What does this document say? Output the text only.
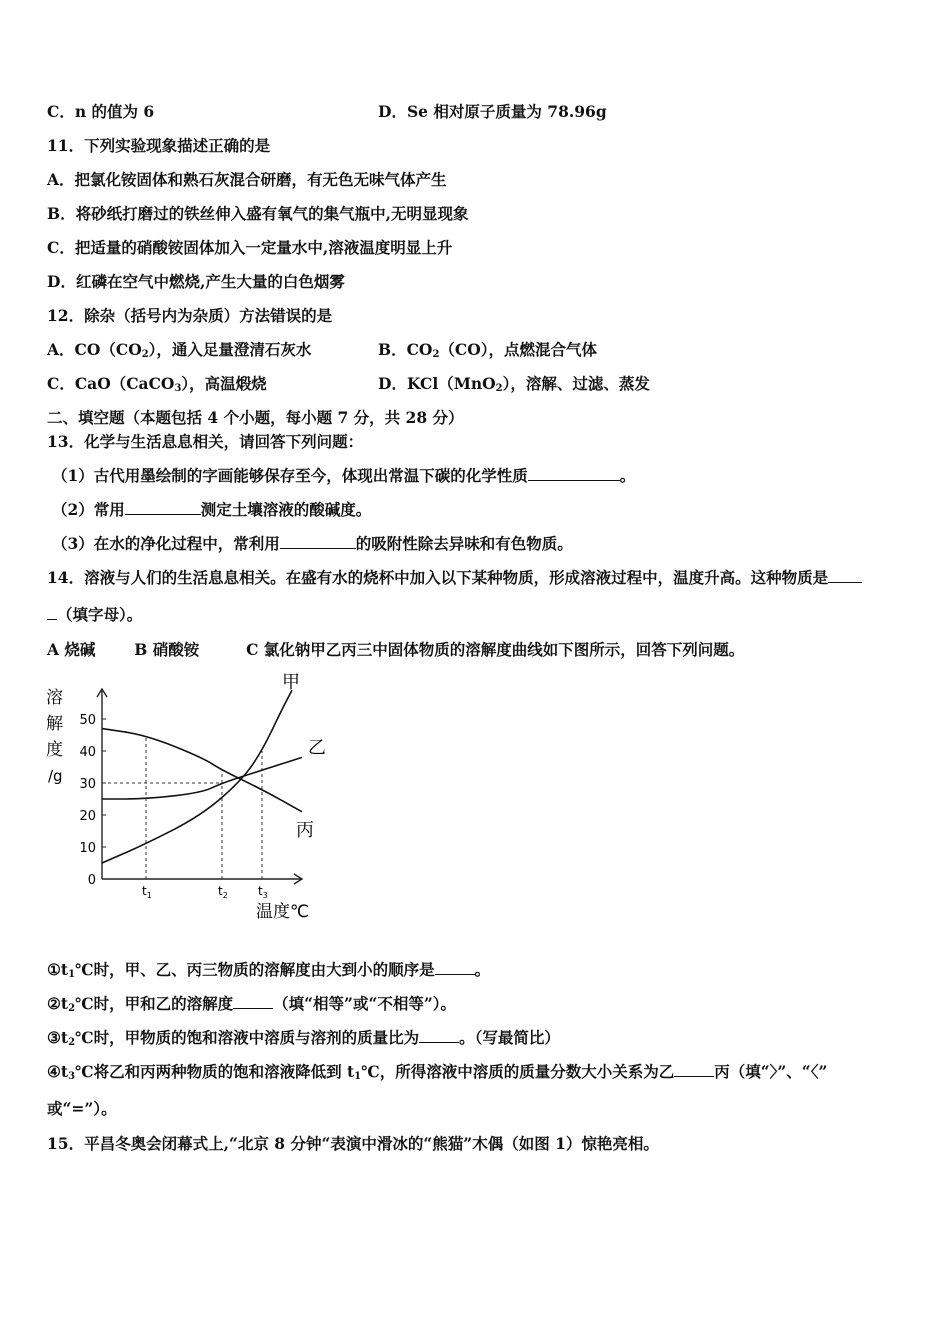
C．n 的值为 6	D．Se 相对原子质量为 78.96g
11．下列实验现象描述正确的是
A．把氯化铵固体和熟石灰混合研磨，有无色无味气体产生
B．将砂纸打磨过的铁丝伸入盛有氧气的集气瓶中,无明显现象
C．把适量的硝酸铵固体加入一定量水中,溶液温度明显上升
D．红磷在空气中燃烧,产生大量的白色烟雾
12．除杂（括号内为杂质）方法错误的是
A．$CO(CO_2)$，通入足量澄清石灰水	B．$CO_2(CO)$，点燃混合气体
C．CaO（CaCO$_3$），高温煅烧	D．KCl（MnO$_2$），溶解、过滤、蒸发
二、填空题（本题包括 4 个小题，每小题 7 分，共 28 分）
13．化学与生活息息相关，请回答下列问题：
（1）古代用墨绘制的字画能够保存至今，体现出常温下碳的化学性质	。
（2）常用	测定土壤溶液的酸碱度。
（3）在水的净化过程中，常利用	的吸附性除去异味和有色物质。
14．溶液与人们的生活息息相关。在盛有水的烧杯中加入以下某种物质，形成溶液过程中，温度升高。这种物质是
（填字母）。
A 烧碱	B 硝酸铵	C 氯化钠甲乙丙三中固体物质的溶解度曲线如下图所示，回答下列问题。
0
10
20
30
40
50
$t_1$	$t_2$	$t_3$
甲
乙
丙
溶
解
度
/g
温度℃
$①t_1℃$时，甲、乙、丙三物质的溶解度由大到小的顺序是	。
$②t_2℃$时，甲和乙的溶解度	（填“相等”或“不相等”）。
$③t_2℃$时，甲物质的饱和溶液中溶质与溶剂的质量比为	。（写最简比）
$④t_3℃$将乙和丙两种物质的饱和溶液降低到 $t_1℃$，所得溶液中溶质的质量分数大小关系为乙	丙（填“〉”、“〈”
或“=”）。
15．平昌冬奥会闭幕式上,“北京 8 分钟“表演中滑冰的“熊猫”木偶（如图 1）惊艳亮相。
